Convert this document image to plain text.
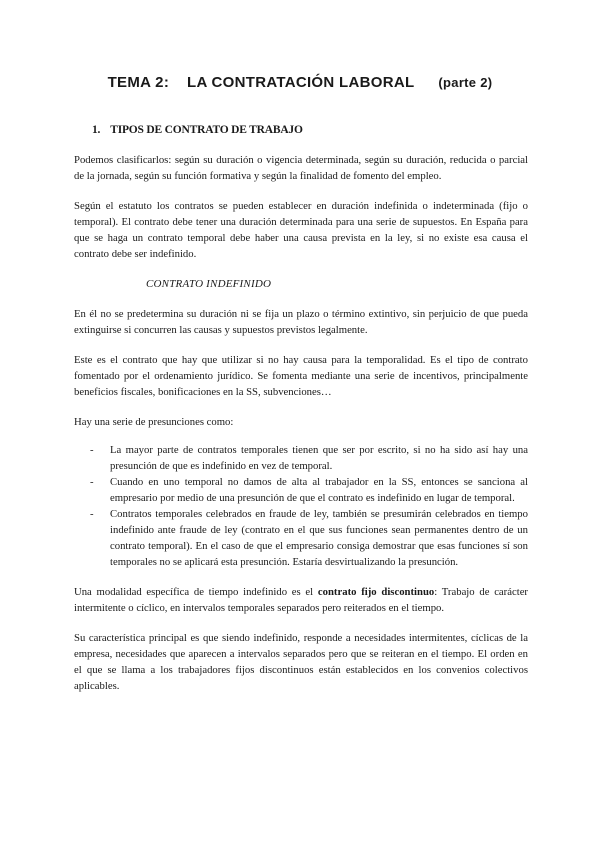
TEMA 2:    LA CONTRATACIÓN LABORAL (parte 2)
1. TIPOS DE CONTRATO DE TRABAJO

Podemos clasificarlos: según su duración o vigencia determinada, según su duración, reducida o parcial de la jornada, según su función formativa y según la finalidad de fomento del empleo.

Según el estatuto los contratos se pueden establecer en duración indefinida o indeterminada (fijo o temporal). El contrato debe tener una duración determinada para una serie de supuestos. En España para que se haga un contrato temporal debe haber una causa prevista en la ley, si no existe esa causa el contrato debe ser indefinido.

CONTRATO INDEFINIDO

En él no se predetermina su duración ni se fija un plazo o término extintivo, sin perjuicio de que pueda extinguirse si concurren las causas y supuestos previstos legalmente.

Este es el contrato que hay que utilizar si no hay causa para la temporalidad. Es el tipo de contrato fomentado por el ordenamiento jurídico. Se fomenta mediante una serie de incentivos, principalmente beneficios fiscales, bonificaciones en la SS, subvenciones…

Hay una serie de presunciones como:

- La mayor parte de contratos temporales tienen que ser por escrito, si no ha sido así hay una presunción de que es indefinido en vez de temporal.
- Cuando en uno temporal no damos de alta al trabajador en la SS, entonces se sanciona al empresario por medio de una presunción de que el contrato es indefinido en lugar de temporal.
- Contratos temporales celebrados en fraude de ley, también se presumirán celebrados en tiempo indefinido ante fraude de ley (contrato en el que sus funciones sean permanentes dentro de un contrato temporal). En el caso de que el empresario consiga demostrar que esas funciones sí son temporales no se aplicará esta presunción. Estaría desvirtualizando la presunción.

Una modalidad específica de tiempo indefinido es el contrato fijo discontinuo: Trabajo de carácter intermitente o cíclico, en intervalos temporales separados pero reiterados en el tiempo.

Su característica principal es que siendo indefinido, responde a necesidades intermitentes, cíclicas de la empresa, necesidades que aparecen a intervalos separados pero que se reiteran en el tiempo. El orden en el que se llama a los trabajadores fijos discontinuos están establecidos en los convenios colectivos aplicables.
